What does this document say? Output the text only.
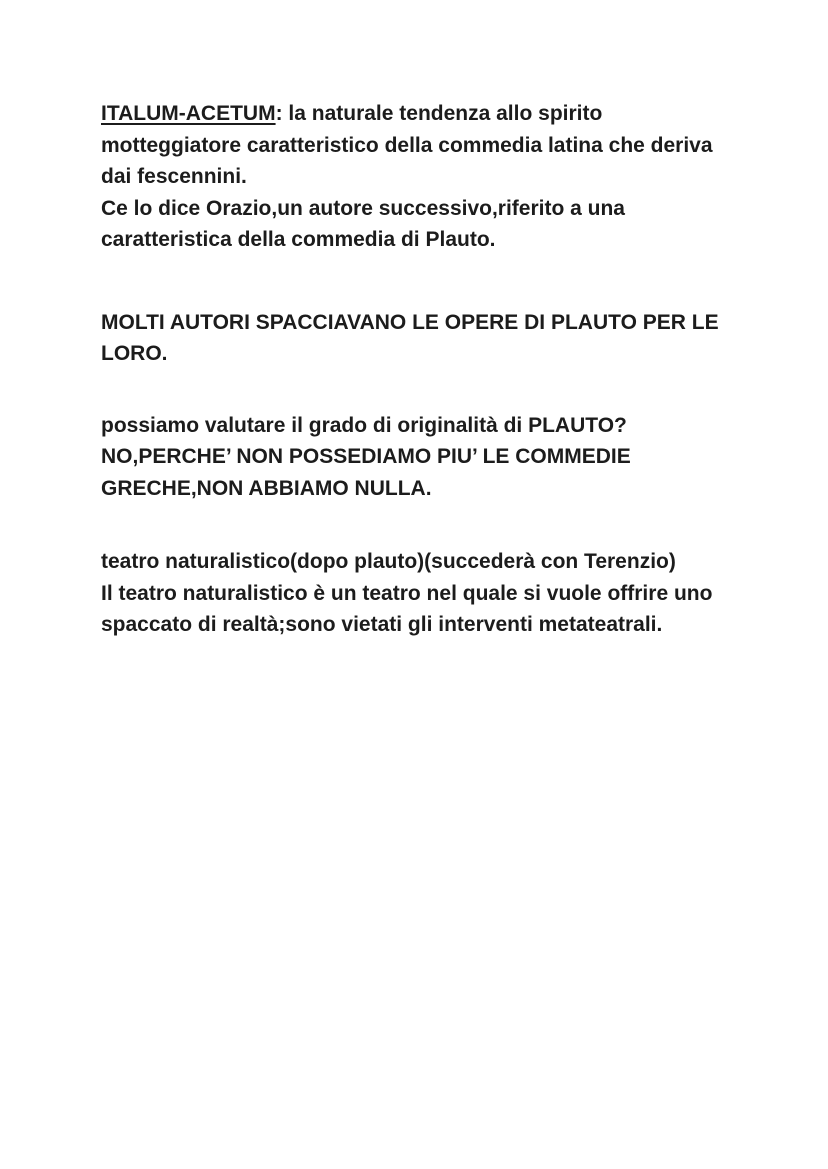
ITALUM-ACETUM: la naturale tendenza allo spirito motteggiatore caratteristico della commedia latina che deriva dai fescennini.

Ce lo dice Orazio,un autore successivo,riferito a una caratteristica della commedia di Plauto.

MOLTI AUTORI SPACCIAVANO LE OPERE DI PLAUTO PER LE LORO.

possiamo valutare il grado di originalità di PLAUTO?

NO,PERCHE’ NON POSSEDIAMO PIU’ LE COMMEDIE GRECHE,NON ABBIAMO NULLA.

teatro naturalistico(dopo plauto)(succederà con Terenzio)

Il teatro naturalistico è un teatro nel quale si vuole offrire uno spaccato di realtà;sono vietati gli interventi metateatrali.
